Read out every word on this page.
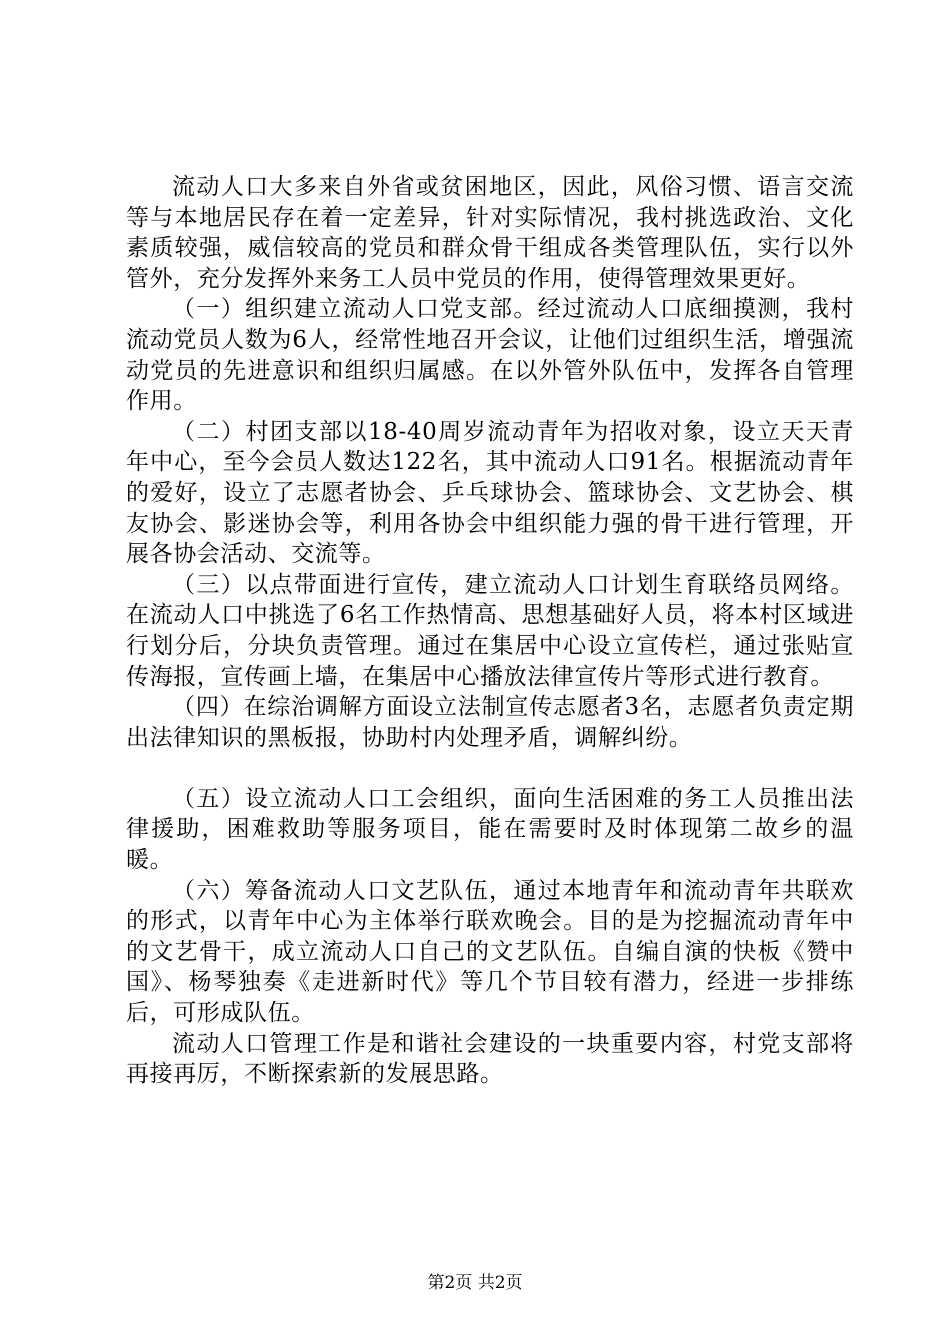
流动人口大多来自外省或贫困地区，因此，风俗习惯、语言交流等与本地居民存在着一定差异，针对实际情况，我村挑选政治、文化素质较强，威信较高的党员和群众骨干组成各类管理队伍，实行以外管外，充分发挥外来务工人员中党员的作用，使得管理效果更好。

（一）组织建立流动人口党支部。经过流动人口底细摸测，我村流动党员人数为6人，经常性地召开会议，让他们过组织生活，增强流动党员的先进意识和组织归属感。在以外管外队伍中，发挥各自管理作用。

（二）村团支部以18-40周岁流动青年为招收对象，设立天天青年中心，至今会员人数达122名，其中流动人口91名。根据流动青年的爱好，设立了志愿者协会、乒乓球协会、篮球协会、文艺协会、棋友协会、影迷协会等，利用各协会中组织能力强的骨干进行管理，开展各协会活动、交流等。

（三）以点带面进行宣传，建立流动人口计划生育联络员网络。在流动人口中挑选了6名工作热情高、思想基础好人员，将本村区域进行划分后，分块负责管理。通过在集居中心设立宣传栏，通过张贴宣传海报，宣传画上墙，在集居中心播放法律宣传片等形式进行教育。

（四）在综治调解方面设立法制宣传志愿者3名，志愿者负责定期出法律知识的黑板报，协助村内处理矛盾，调解纠纷。

（五）设立流动人口工会组织，面向生活困难的务工人员推出法律援助，困难救助等服务项目，能在需要时及时体现第二故乡的温暖。

（六）筹备流动人口文艺队伍，通过本地青年和流动青年共联欢的形式，以青年中心为主体举行联欢晚会。目的是为挖掘流动青年中的文艺骨干，成立流动人口自己的文艺队伍。自编自演的快板《赞中国》、杨琴独奏《走进新时代》等几个节目较有潜力，经进一步排练后，可形成队伍。

流动人口管理工作是和谐社会建设的一块重要内容，村党支部将再接再厉，不断探索新的发展思路。

第2页 共2页
